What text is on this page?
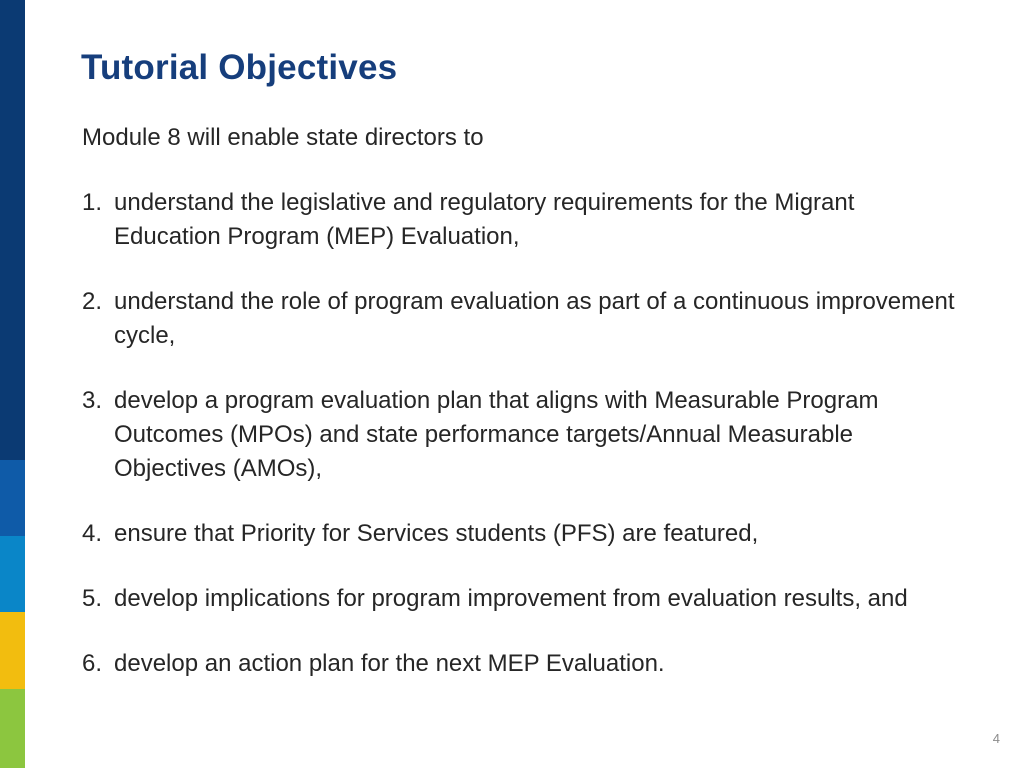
Tutorial Objectives

Module 8 will enable state directors to

1. understand the legislative and regulatory requirements for the Migrant Education Program (MEP) Evaluation,
2. understand the role of program evaluation as part of a continuous improvement cycle,
3. develop a program evaluation plan that aligns with Measurable Program Outcomes (MPOs) and state performance targets/Annual Measurable Objectives (AMOs),
4. ensure that Priority for Services students (PFS) are featured,
5. develop implications for program improvement from evaluation results, and
6. develop an action plan for the next MEP Evaluation.
4
